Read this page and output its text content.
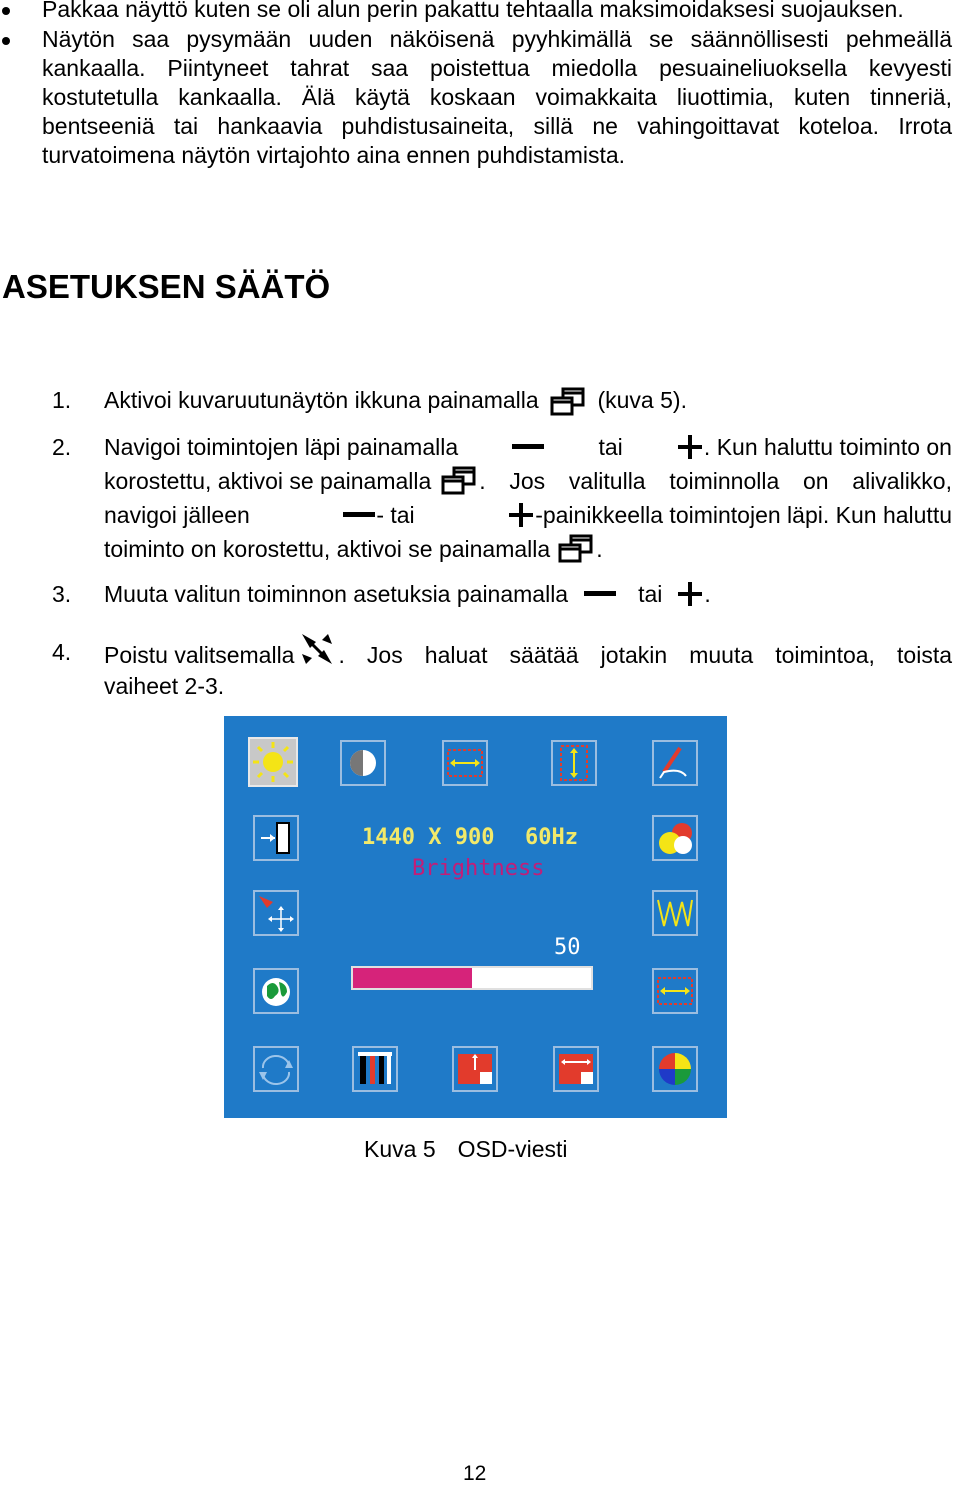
Pakkaa näyttö kuten se oli alun perin pakattu tehtaalla maksimoidaksesi suojauksen.
Näytön saa pysymään uuden näköisenä pyyhkimällä se säännöllisesti pehmeällä kankaalla. Piintyneet tahrat saa poistettua miedolla pesuaineliuoksella kevyesti kostutetulla kankaalla. Älä käytä koskaan voimakkaita liuottimia, kuten tinneriä, bentseeniä tai hankaavia puhdistusaineita, sillä ne vahingoittavat koteloa. Irrota turvatoimena näytön virtajohto aina ennen puhdistamista.
ASETUKSEN SÄÄTÖ
1. Aktivoi kuvaruutunäytön ikkuna painamalla	(kuva 5).
2. Navigoi toimintojen läpi painamalla	tai	. Kun haluttu toiminto on
korostettu, aktivoi se painamalla . Jos valitulla toiminnolla on alivalikko,
navigoi jälleen	- tai	-painikkeella toimintojen läpi. Kun haluttu
toiminto on korostettu, aktivoi se painamalla .
3. Muuta valitun toiminnon asetuksia painamalla	tai .
4. Poistu valitsemalla . Jos haluat säätää jotakin muuta toimintoa, toista
vaiheet 2-3.
1440 X 900 60Hz
Brightness
50
Kuva 5 OSD-viesti
12
